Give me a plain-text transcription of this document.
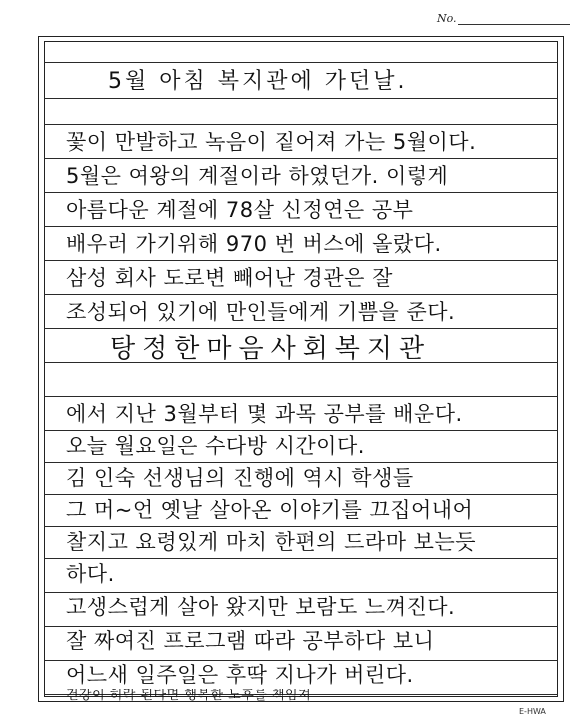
No.
5월 아침 복지관에 가던날.
꽃이 만발하고 녹음이 짙어져 가는 5월이다.
5월은 여왕의 계절이라 하였던가. 이렇게
아름다운 계절에 78살 신정연은 공부
배우러 가기위해 970 번 버스에 올랐다.
삼성 회사 도로변 빼어난 경관은 잘
조성되어 있기에 만인들에게 기쁨을 준다.
탕정한마음사회복지관
에서 지난 3월부터 몇 과목 공부를 배운다.
오늘 월요일은 수다방 시간이다.
김 인숙 선생님의 진행에 역시 학생들
그 머~언 옛날 살아온 이야기를 끄집어내어
찰지고 요령있게 마치 한편의 드라마 보는듯
하다.
고생스럽게 살아 왔지만 보람도 느껴진다.
잘 짜여진 프로그램 따라 공부하다 보니
어느새 일주일은 후딱 지나가 버린다.
건강이 허락 된다면 행복한 노후를 책임져
E-HWA
